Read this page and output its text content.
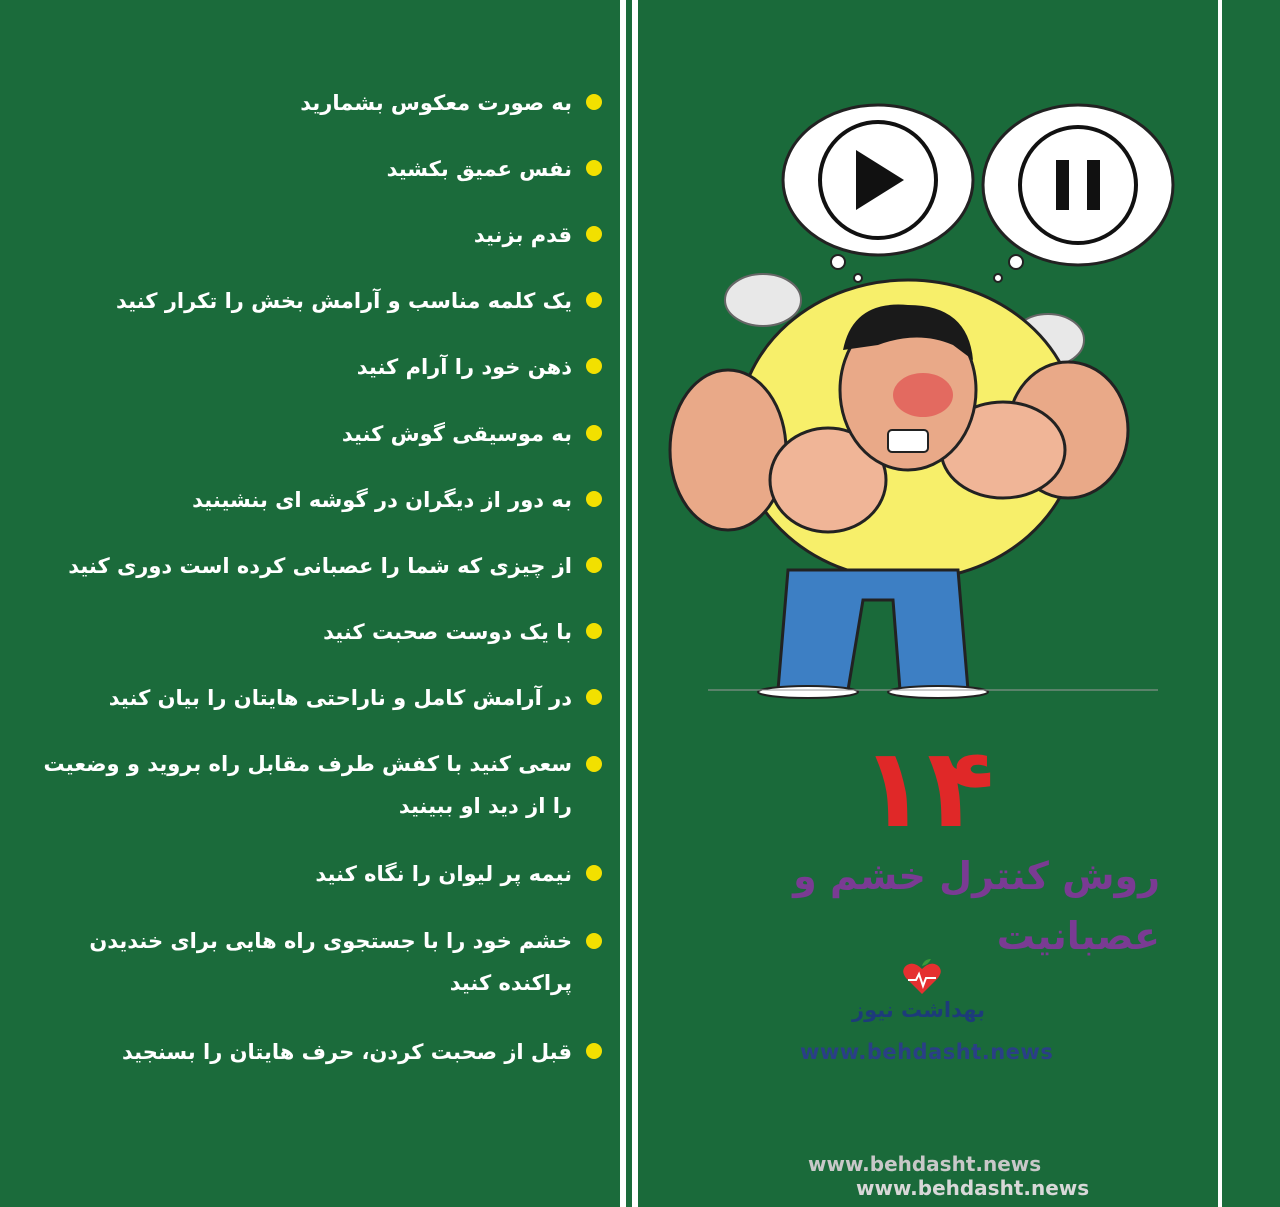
به صورت معکوس بشمارید
نفس عمیق بکشید
قدم بزنید
یک کلمه مناسب و آرامش بخش را تکرار کنید
ذهن خود را آرام کنید
به موسیقی گوش کنید
به دور از دیگران در گوشه ای بنشینید
از چیزی که شما را عصبانی کرده است دوری کنید
با یک دوست صحبت کنید
در آرامش کامل و ناراحتی هایتان را بیان کنید
سعی کنید با کفش طرف مقابل راه بروید و وضعیت را از دید او ببینید
نیمه پر لیوان را نگاه کنید
خشم خود را با جستجوی راه هایی برای خندیدن پراکنده کنید
قبل از صحبت کردن، حرف هایتان را بسنجید
۱۴
روش کنترل خشم و عصبانیت
بهداشت نیوز
www.behdasht.news
www.behdasht.news
www.behdasht.news
